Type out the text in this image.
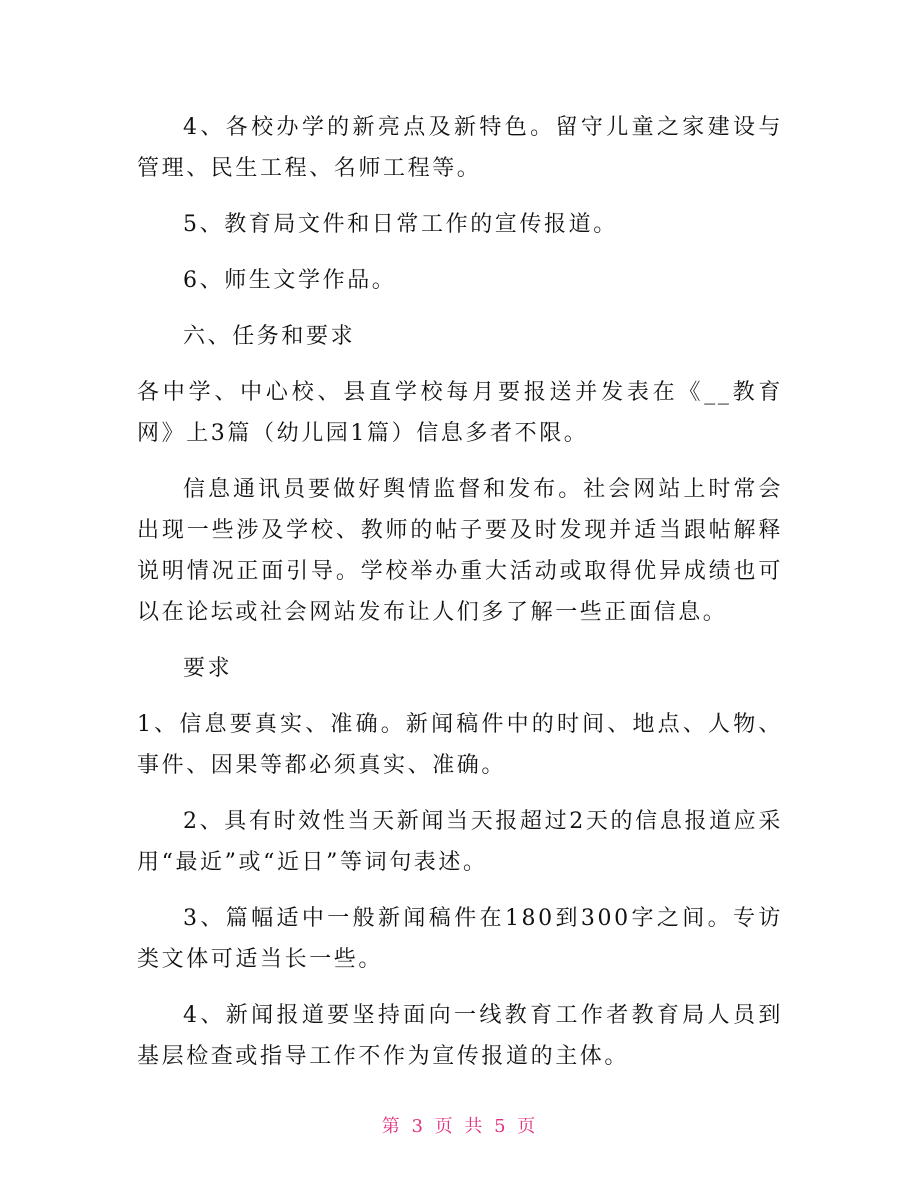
4、各校办学的新亮点及新特色。留守儿童之家建设与管理、民生工程、名师工程等。

5、教育局文件和日常工作的宣传报道。

6、师生文学作品。

六、任务和要求

各中学、中心校、县直学校每月要报送并发表在《__教育网》上3篇（幼儿园1篇）信息多者不限。

信息通讯员要做好舆情监督和发布。社会网站上时常会出现一些涉及学校、教师的帖子要及时发现并适当跟帖解释说明情况正面引导。学校举办重大活动或取得优异成绩也可以在论坛或社会网站发布让人们多了解一些正面信息。

要求

1、信息要真实、准确。新闻稿件中的时间、地点、人物、事件、因果等都必须真实、准确。

2、具有时效性当天新闻当天报超过2天的信息报道应采用“最近”或“近日”等词句表述。

3、篇幅适中一般新闻稿件在180到300字之间。专访类文体可适当长一些。

4、新闻报道要坚持面向一线教育工作者教育局人员到基层检查或指导工作不作为宣传报道的主体。

第 3 页 共 5 页
